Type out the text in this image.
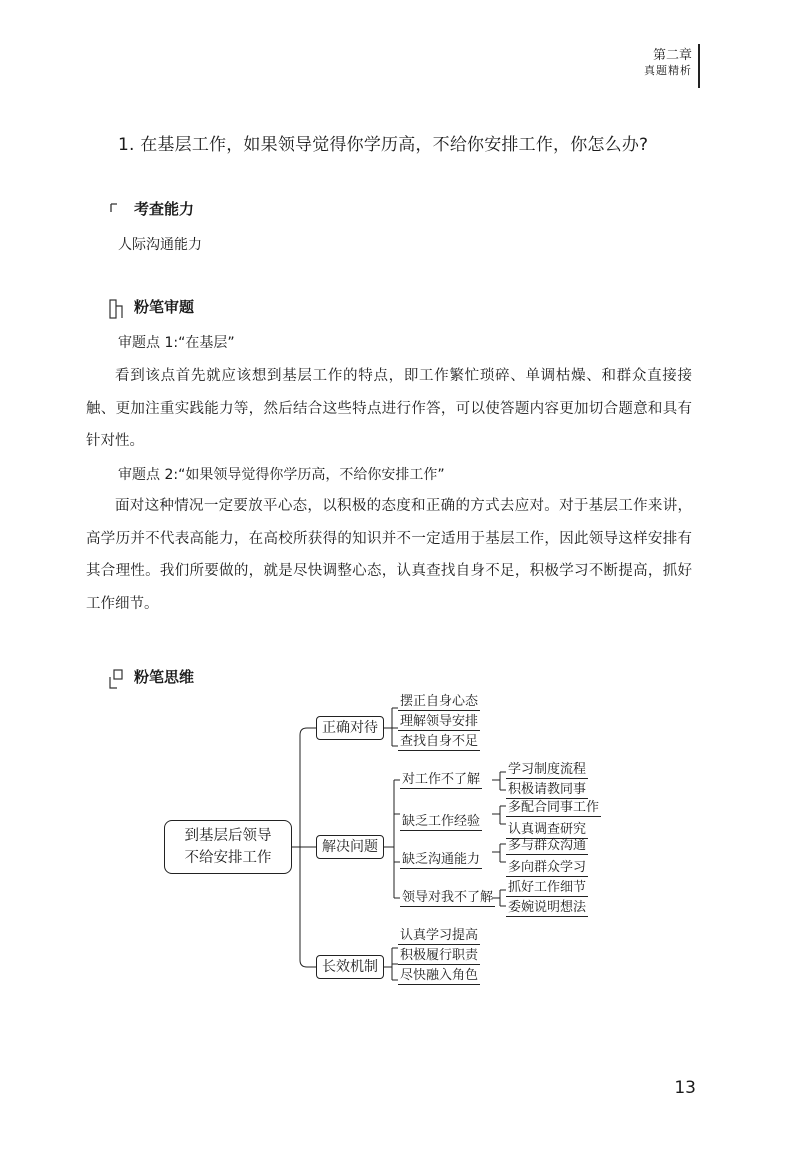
第二章
真题精析
1. 在基层工作，如果领导觉得你学历高，不给你安排工作，你怎么办?
考查能力
人际沟通能力
粉笔审题
审题点 1:“在基层”
看到该点首先就应该想到基层工作的特点，即工作繁忙琐碎、单调枯燥、和群众直接接触、更加注重实践能力等，然后结合这些特点进行作答，可以使答题内容更加切合题意和具有针对性。
审题点 2:“如果领导觉得你学历高，不给你安排工作”
面对这种情况一定要放平心态，以积极的态度和正确的方式去应对。对于基层工作来讲，高学历并不代表高能力，在高校所获得的知识并不一定适用于基层工作，因此领导这样安排有其合理性。我们所要做的，就是尽快调整心态，认真查找自身不足，积极学习不断提高，抓好工作细节。
粉笔思维
到基层后领导
不给安排工作
正确对待
摆正自身心态
理解领导安排
查找自身不足
解决问题
对工作不了解
学习制度流程
积极请教同事
缺乏工作经验
多配合同事工作
认真调查研究
缺乏沟通能力
多与群众沟通
多向群众学习
领导对我不了解
抓好工作细节
委婉说明想法
长效机制
认真学习提高
积极履行职责
尽快融入角色
13
